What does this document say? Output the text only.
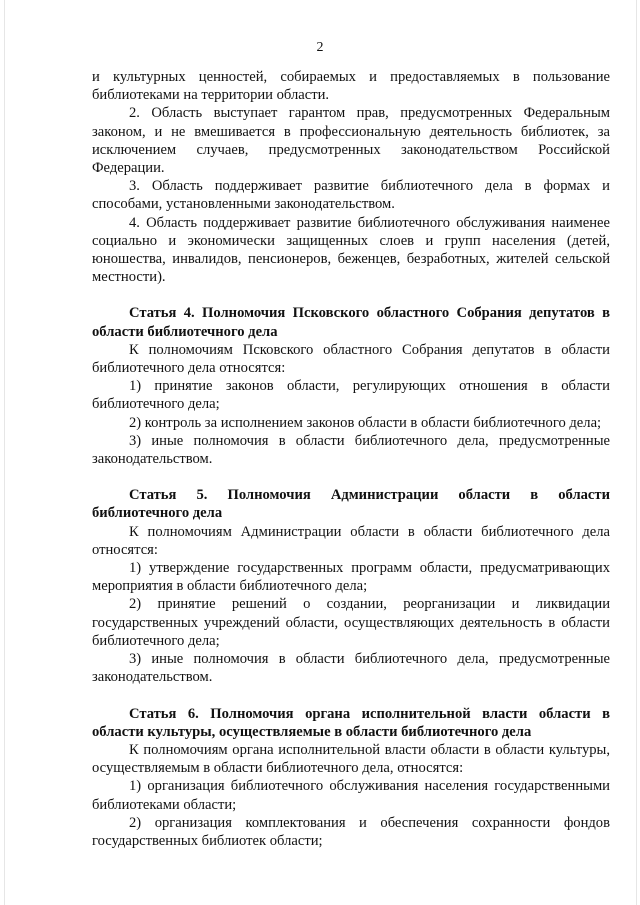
2

и культурных ценностей, собираемых и предоставляемых в пользование библиотеками на территории области.

2. Область выступает гарантом прав, предусмотренных Федеральным законом, и не вмешивается в профессиональную деятельность библиотек, за исключением случаев, предусмотренных законодательством Российской Федерации.

3. Область поддерживает развитие библиотечного дела в формах и способами, установленными законодательством.

4. Область поддерживает развитие библиотечного обслуживания наименее социально и экономически защищенных слоев и групп населения (детей, юношества, инвалидов, пенсионеров, беженцев, безработных, жителей сельской местности).

Статья 4. Полномочия Псковского областного Собрания депутатов в области библиотечного дела

К полномочиям Псковского областного Собрания депутатов в области библиотечного дела относятся:

1) принятие законов области, регулирующих отношения в области библиотечного дела;

2) контроль за исполнением законов области в области библиотечного дела;

3) иные полномочия в области библиотечного дела, предусмотренные законодательством.

Статья 5. Полномочия Администрации области в области библиотечного дела

К полномочиям Администрации области в области библиотечного дела относятся:

1) утверждение государственных программ области, предусматривающих мероприятия в области библиотечного дела;

2) принятие решений о создании, реорганизации и ликвидации государственных учреждений области, осуществляющих деятельность в области библиотечного дела;

3) иные полномочия в области библиотечного дела, предусмотренные законодательством.

Статья 6. Полномочия органа исполнительной власти области в области культуры, осуществляемые в области библиотечного дела

К полномочиям органа исполнительной власти области в области культуры, осуществляемым в области библиотечного дела, относятся:

1) организация библиотечного обслуживания населения государственными библиотеками области;

2) организация комплектования и обеспечения сохранности фондов государственных библиотек области;
